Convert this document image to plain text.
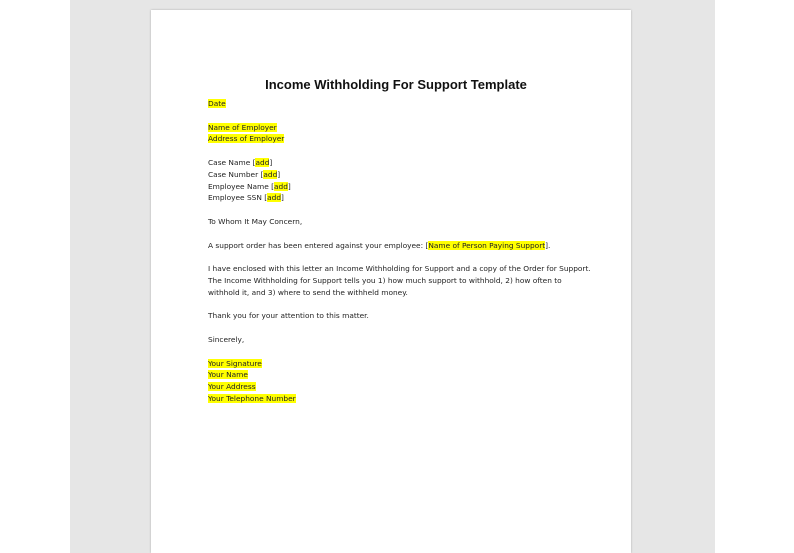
Income Withholding For Support Template
Date
Name of Employer
Address of Employer
Case Name [add]
Case Number [add]
Employee Name [add]
Employee SSN [add]
To Whom It May Concern,
A support order has been entered against your employee: [Name of Person Paying Support].
I have enclosed with this letter an Income Withholding for Support and a copy of the Order for Support.
The Income Withholding for Support tells you 1) how much support to withhold, 2) how often to
withhold it, and 3) where to send the withheld money.
Thank you for your attention to this matter.
Sincerely,
Your Signature
Your Name
Your Address
Your Telephone Number
